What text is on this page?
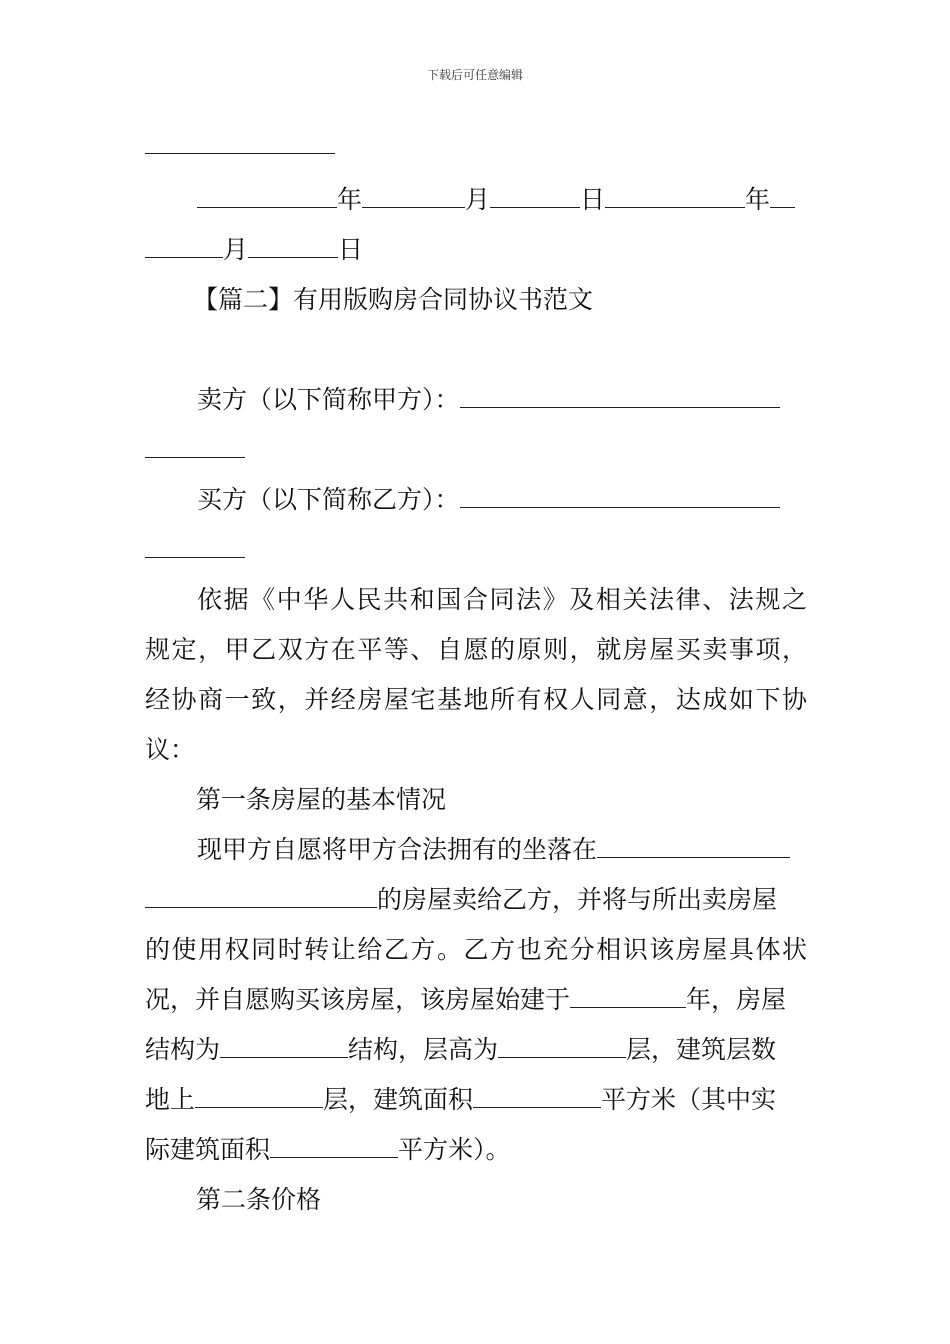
下载后可任意编辑
年	月	日	年
月	日
【篇二】有用版购房合同协议书范文
卖方（以下简称甲方）：
买方（以下简称乙方）：
依据《中华人民共和国合同法》及相关法律、法规之
规定，甲乙双方在平等、自愿的原则，就房屋买卖事项，
经协商一致，并经房屋宅基地所有权人同意，达成如下协
议：
第一条房屋的基本情况
现甲方自愿将甲方合法拥有的坐落在
的房屋卖给乙方，并将与所出卖房屋
的使用权同时转让给乙方。乙方也充分相识该房屋具体状
况，并自愿购买该房屋，该房屋始建于	年，房屋
结构为	结构，层高为	层，建筑层数
地上	层，建筑面积	平方米（其中实
际建筑面积	平方米）。
第二条价格
